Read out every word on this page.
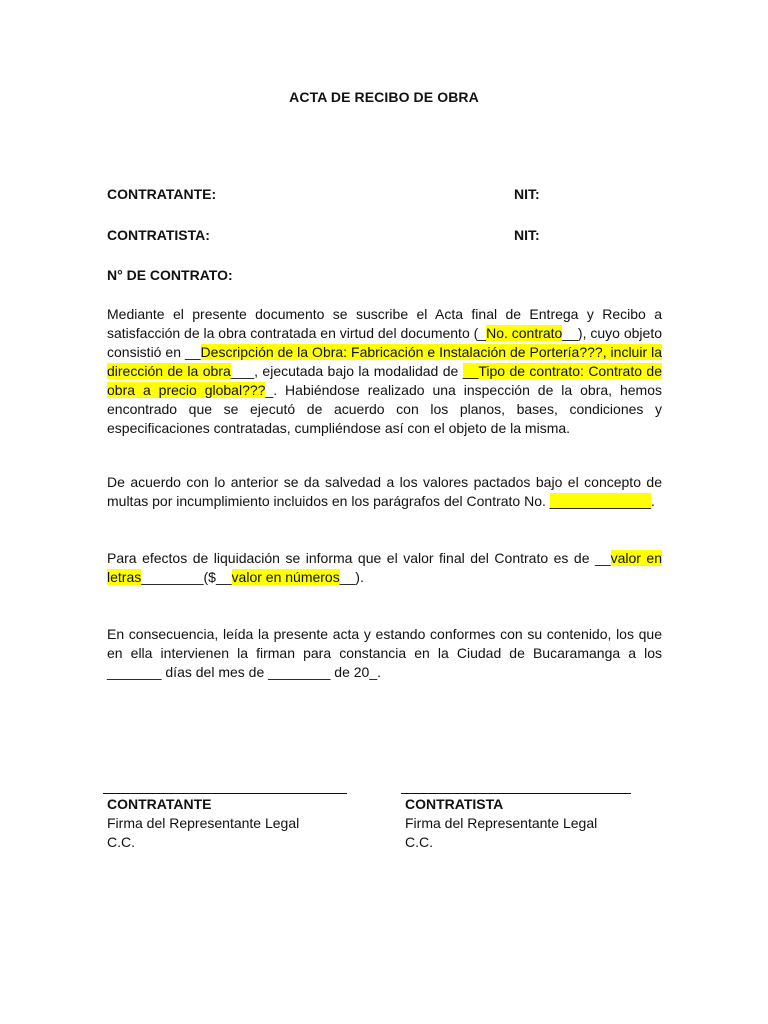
ACTA DE RECIBO DE OBRA
CONTRATANTE:	NIT:
CONTRATISTA:	NIT:
N° DE CONTRATO:
Mediante el presente documento se suscribe el Acta final de Entrega y Recibo a satisfacción de la obra contratada en virtud del documento (_No. contrato__), cuyo objeto consistió en __Descripción de la Obra: Fabricación e Instalación de Portería???, incluir la dirección de la obra___, ejecutada bajo la modalidad de __Tipo de contrato: Contrato de obra a precio global???_. Habiéndose realizado una inspección de la obra, hemos encontrado que se ejecutó de acuerdo con los planos, bases, condiciones y especificaciones contratadas, cumpliéndose así con el objeto de la misma.
De acuerdo con lo anterior se da salvedad a los valores pactados bajo el concepto de multas por incumplimiento incluidos en los parágrafos del Contrato No. _____________.
Para efectos de liquidación se informa que el valor final del Contrato es de __valor en letras________($__valor en números__).
En consecuencia, leída la presente acta y estando conformes con su contenido, los que en ella intervienen la firman para constancia en la Ciudad de Bucaramanga a los _______ días del mes de ________ de 20_.
CONTRATANTE
Firma del Representante Legal
C.C.
CONTRATISTA
Firma del Representante Legal
C.C.
